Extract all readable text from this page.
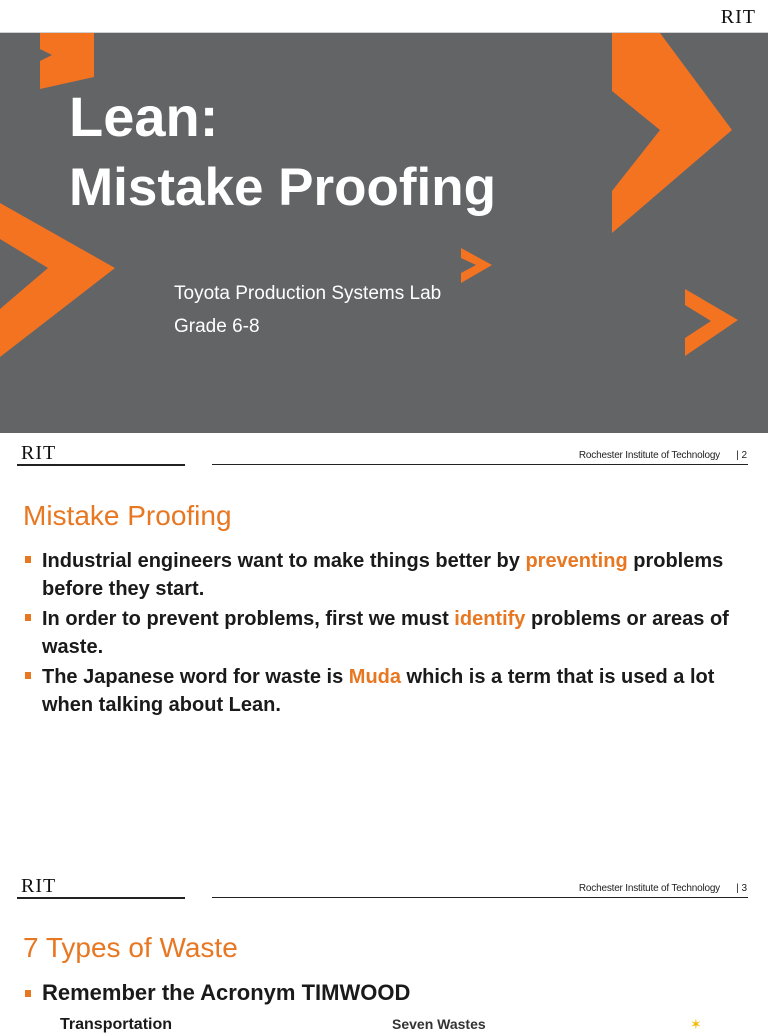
RIT
Lean:
Mistake Proofing
Toyota Production Systems Lab
Grade 6-8
RIT	Rochester Institute of Technology | 2
Mistake Proofing
Industrial engineers want to make things better by preventing problems before they start.
In order to prevent problems, first we must identify problems or areas of waste.
The Japanese word for waste is Muda which is a term that is used a lot when talking about Lean.
RIT	Rochester Institute of Technology | 3
7 Types of Waste
Remember the Acronym TIMWOOD
Transportation	Seven Wastes	✶
